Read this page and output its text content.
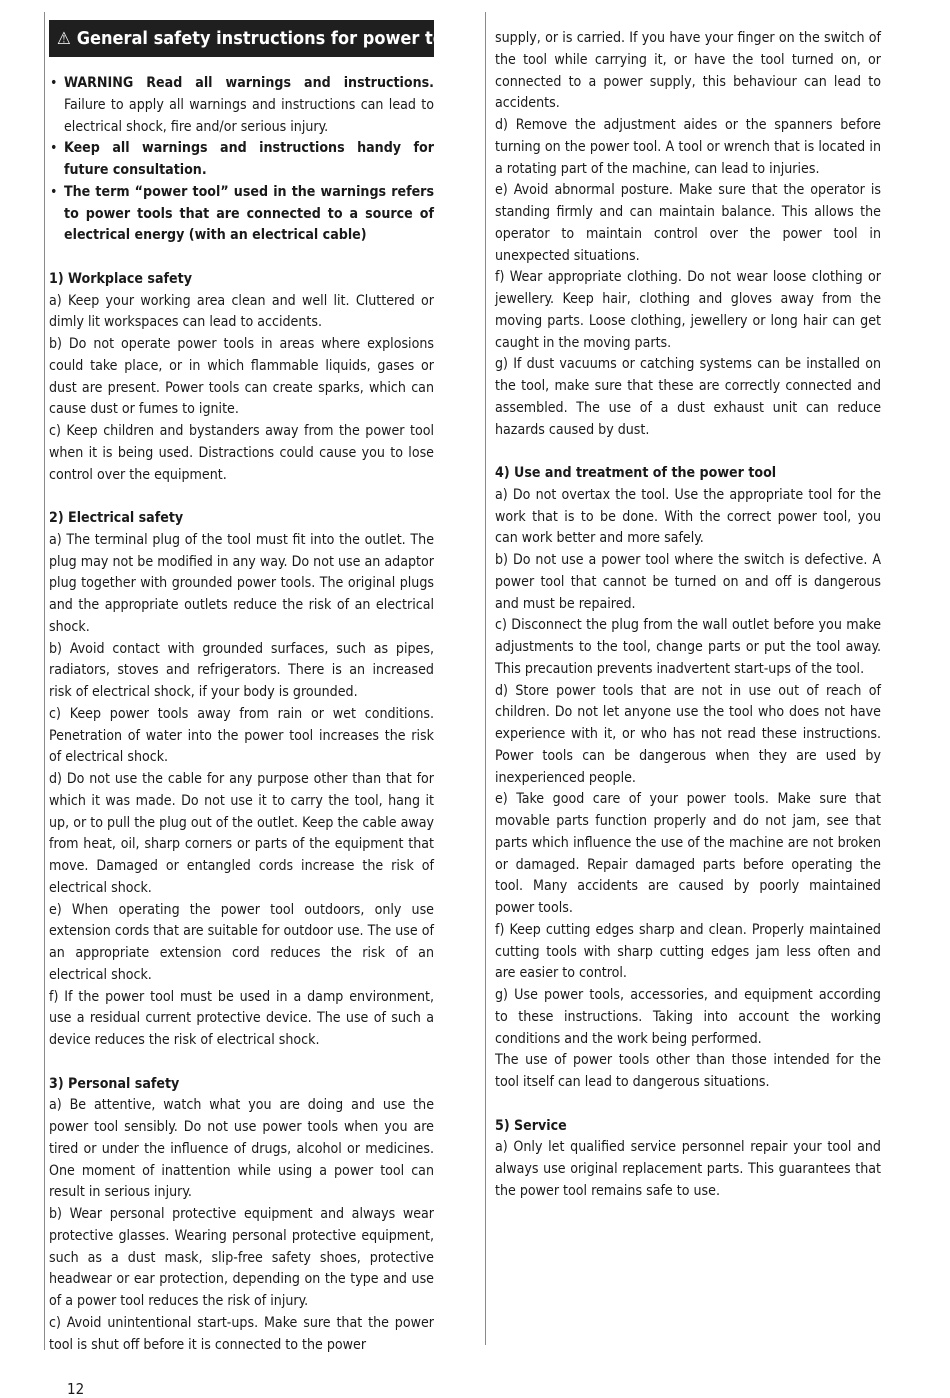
⚠ General safety instructions for power tools
• WARNING Read all warnings and instructions. Failure to apply all warnings and instructions can lead to electrical shock, fire and/or serious injury.
• Keep all warnings and instructions handy for future consultation.
• The term “power tool” used in the warnings refers to power tools that are connected to a source of electrical energy (with an electrical cable)

1) Workplace safety

a) Keep your working area clean and well lit. Cluttered or dimly lit workspaces can lead to accidents.

b) Do not operate power tools in areas where explosions could take place, or in which flammable liquids, gases or dust are present. Power tools can create sparks, which can cause dust or fumes to ignite.

c) Keep children and bystanders away from the power tool when it is being used. Distractions could cause you to lose control over the equipment.

2) Electrical safety

a) The terminal plug of the tool must fit into the outlet. The plug may not be modified in any way. Do not use an adaptor plug together with grounded power tools. The original plugs and the appropriate outlets reduce the risk of an electrical shock.

b) Avoid contact with grounded surfaces, such as pipes, radiators, stoves and refrigerators. There is an increased risk of electrical shock, if your body is grounded.

c) Keep power tools away from rain or wet conditions. Penetration of water into the power tool increases the risk of electrical shock.

d) Do not use the cable for any purpose other than that for which it was made. Do not use it to carry the tool, hang it up, or to pull the plug out of the outlet. Keep the cable away from heat, oil, sharp corners or parts of the equipment that move. Damaged or entangled cords increase the risk of electrical shock.

e) When operating the power tool outdoors, only use extension cords that are suitable for outdoor use. The use of an appropriate extension cord reduces the risk of an electrical shock.

f) If the power tool must be used in a damp environment, use a residual current protective device. The use of such a device reduces the risk of electrical shock.

3) Personal safety

a) Be attentive, watch what you are doing and use the power tool sensibly. Do not use power tools when you are tired or under the influence of drugs, alcohol or medicines. One moment of inattention while using a power tool can result in serious injury.

b) Wear personal protective equipment and always wear protective glasses. Wearing personal protective equipment, such as a dust mask, slip-free safety shoes, protective headwear or ear protection, depending on the type and use of a power tool reduces the risk of injury.

c) Avoid unintentional start-ups. Make sure that the power tool is shut off before it is connected to the power

supply, or is carried. If you have your finger on the switch of the tool while carrying it, or have the tool turned on, or connected to a power supply, this behaviour can lead to accidents.

d) Remove the adjustment aides or the spanners before turning on the power tool. A tool or wrench that is located in a rotating part of the machine, can lead to injuries.

e) Avoid abnormal posture. Make sure that the operator is standing firmly and can maintain balance. This allows the operator to maintain control over the power tool in unexpected situations.

f) Wear appropriate clothing. Do not wear loose clothing or jewellery. Keep hair, clothing and gloves away from the moving parts. Loose clothing, jewellery or long hair can get caught in the moving parts.

g) If dust vacuums or catching systems can be installed on the tool, make sure that these are correctly connected and assembled. The use of a dust exhaust unit can reduce hazards caused by dust.

4) Use and treatment of the power tool

a) Do not overtax the tool. Use the appropriate tool for the work that is to be done. With the correct power tool, you can work better and more safely.

b) Do not use a power tool where the switch is defective. A power tool that cannot be turned on and off is dangerous and must be repaired.

c) Disconnect the plug from the wall outlet before you make adjustments to the tool, change parts or put the tool away. This precaution prevents inadvertent start-ups of the tool.

d) Store power tools that are not in use out of reach of children. Do not let anyone use the tool who does not have experience with it, or who has not read these instructions. Power tools can be dangerous when they are used by inexperienced people.

e) Take good care of your power tools. Make sure that movable parts function properly and do not jam, see that parts which influence the use of the machine are not broken or damaged. Repair damaged parts before operating the tool. Many accidents are caused by poorly maintained power tools.

f) Keep cutting edges sharp and clean. Properly maintained cutting tools with sharp cutting edges jam less often and are easier to control.

g) Use power tools, accessories, and equipment according to these instructions. Taking into account the working conditions and the work being performed.

The use of power tools other than those intended for the tool itself can lead to dangerous situations.

5) Service

a) Only let qualified service personnel repair your tool and always use original replacement parts. This guarantees that the power tool remains safe to use.

12
